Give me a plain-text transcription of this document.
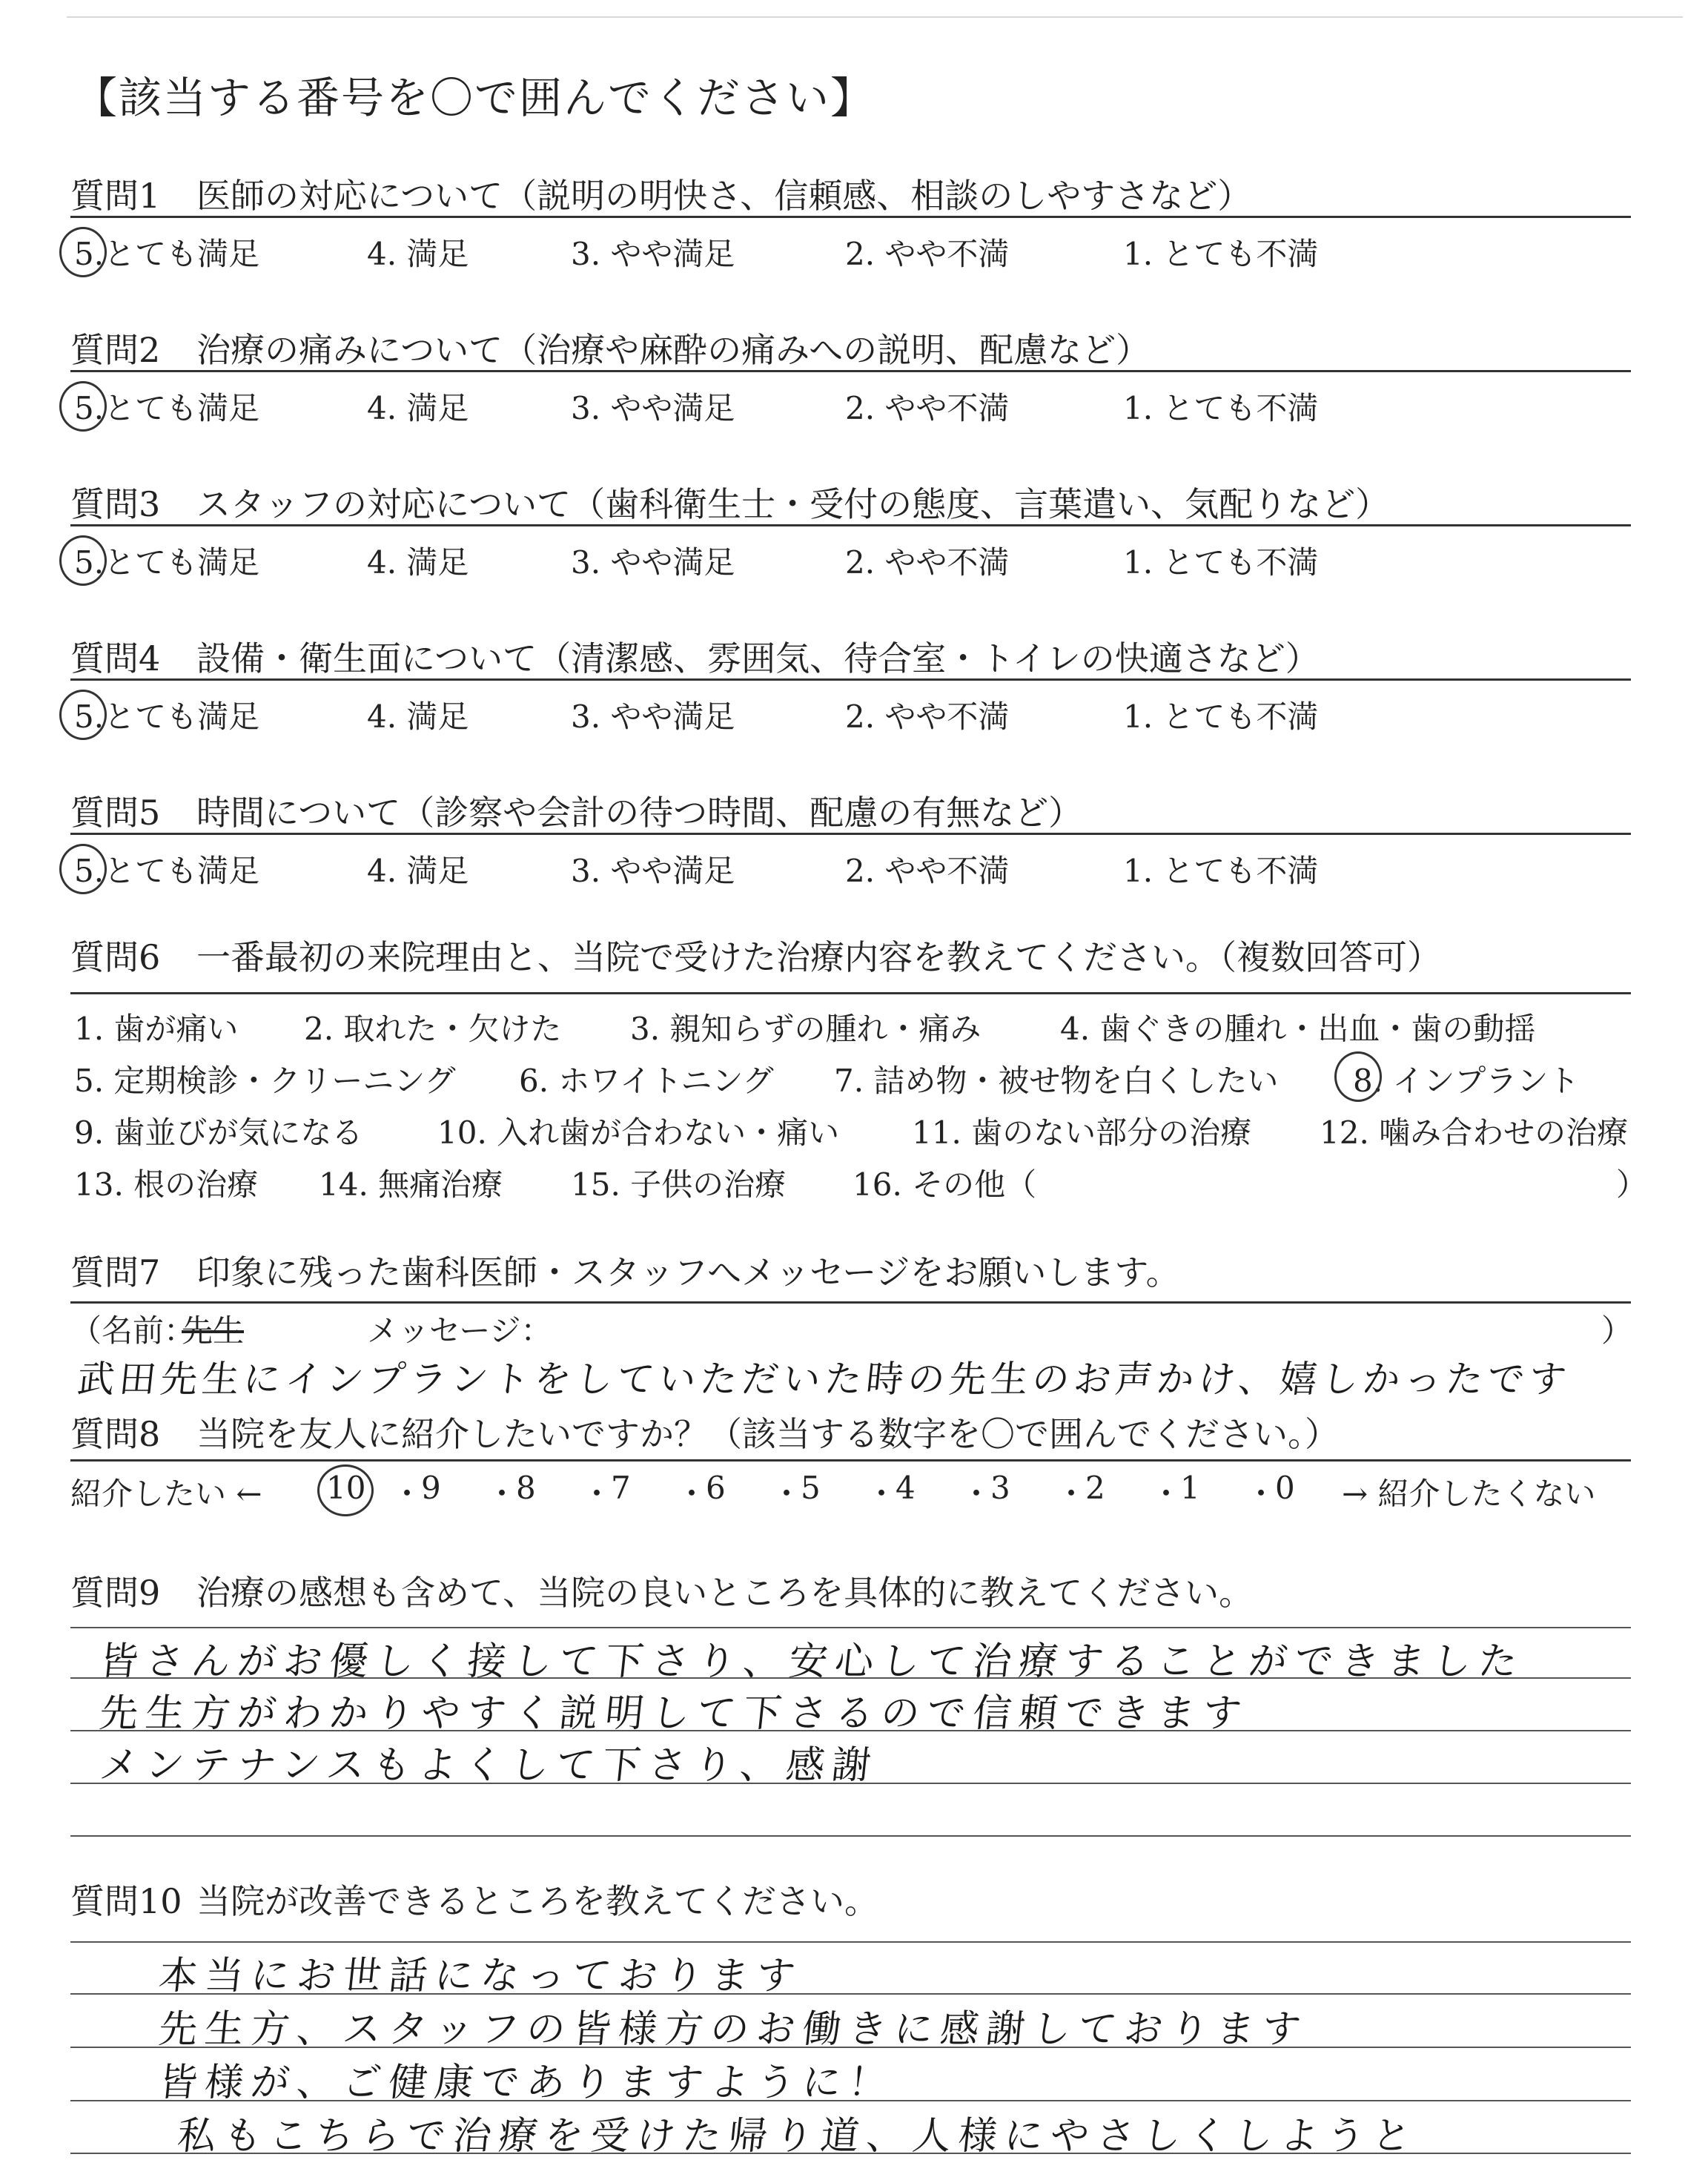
【該当する番号を〇で囲んでください】
質問1 医師の対応について（説明の明快さ、信頼感、相談のしやすさなど）
5.とても満足	4. 満足	3. やや満足	2. やや不満	1. とても不満
質問2 治療の痛みについて（治療や麻酔の痛みへの説明、配慮など）
5.とても満足	4. 満足	3. やや満足	2. やや不満	1. とても不満
質問3 スタッフの対応について（歯科衛生士・受付の態度、言葉遣い、気配りなど）
5.とても満足	4. 満足	3. やや満足	2. やや不満	1. とても不満
質問4 設備・衛生面について（清潔感、雰囲気、待合室・トイレの快適さなど）
5.とても満足	4. 満足	3. やや満足	2. やや不満	1. とても不満
質問5 時間について（診察や会計の待つ時間、配慮の有無など）
5.とても満足	4. 満足	3. やや満足	2. やや不満	1. とても不満
質問6 一番最初の来院理由と、当院で受けた治療内容を教えてください。（複数回答可）
1. 歯が痛い 2. 取れた・欠けた 3. 親知らずの腫れ・痛み	4. 歯ぐきの腫れ・出血・歯の動揺
5. 定期検診・クリーニング 6. ホワイトニング 7. 詰め物・被せ物を白くしたい 8. インプラント
9. 歯並びが気になる 10. 入れ歯が合わない・痛い 11. 歯のない部分の治療 12. 噛み合わせの治療
13. 根の治療 14. 無痛治療 15. 子供の治療 16. その他（	）
質問7 印象に残った歯科医師・スタッフへメッセージをお願いします。
（名前：
先生	メッセージ：	）
武田先生にインプラントをしていただいた時の先生のお声かけ、嬉しかったです
質問8 当院を友人に紹介したいですか？（該当する数字を〇で囲んでください。）
紹介したい ← 10 ・
9 ・
8 ・
7 ・
6 ・
5 ・
4 ・
3 ・
2 ・
1 ・
0 → 紹介したくない
質問9 治療の感想も含めて、当院の良いところを具体的に教えてください。
皆さんがお優しく接して下さり、安心して治療することができました
先生方がわかりやすく説明して下さるので信頼できます
メンテナンスもよくして下さり、感謝
質問10 当院が改善できるところを教えてください。
本当にお世話になっております
先生方、スタッフの皆様方のお働きに感謝しております
皆様が、ご健康でありますように！
私もこちらで治療を受けた帰り道、人様にやさしくしようと
